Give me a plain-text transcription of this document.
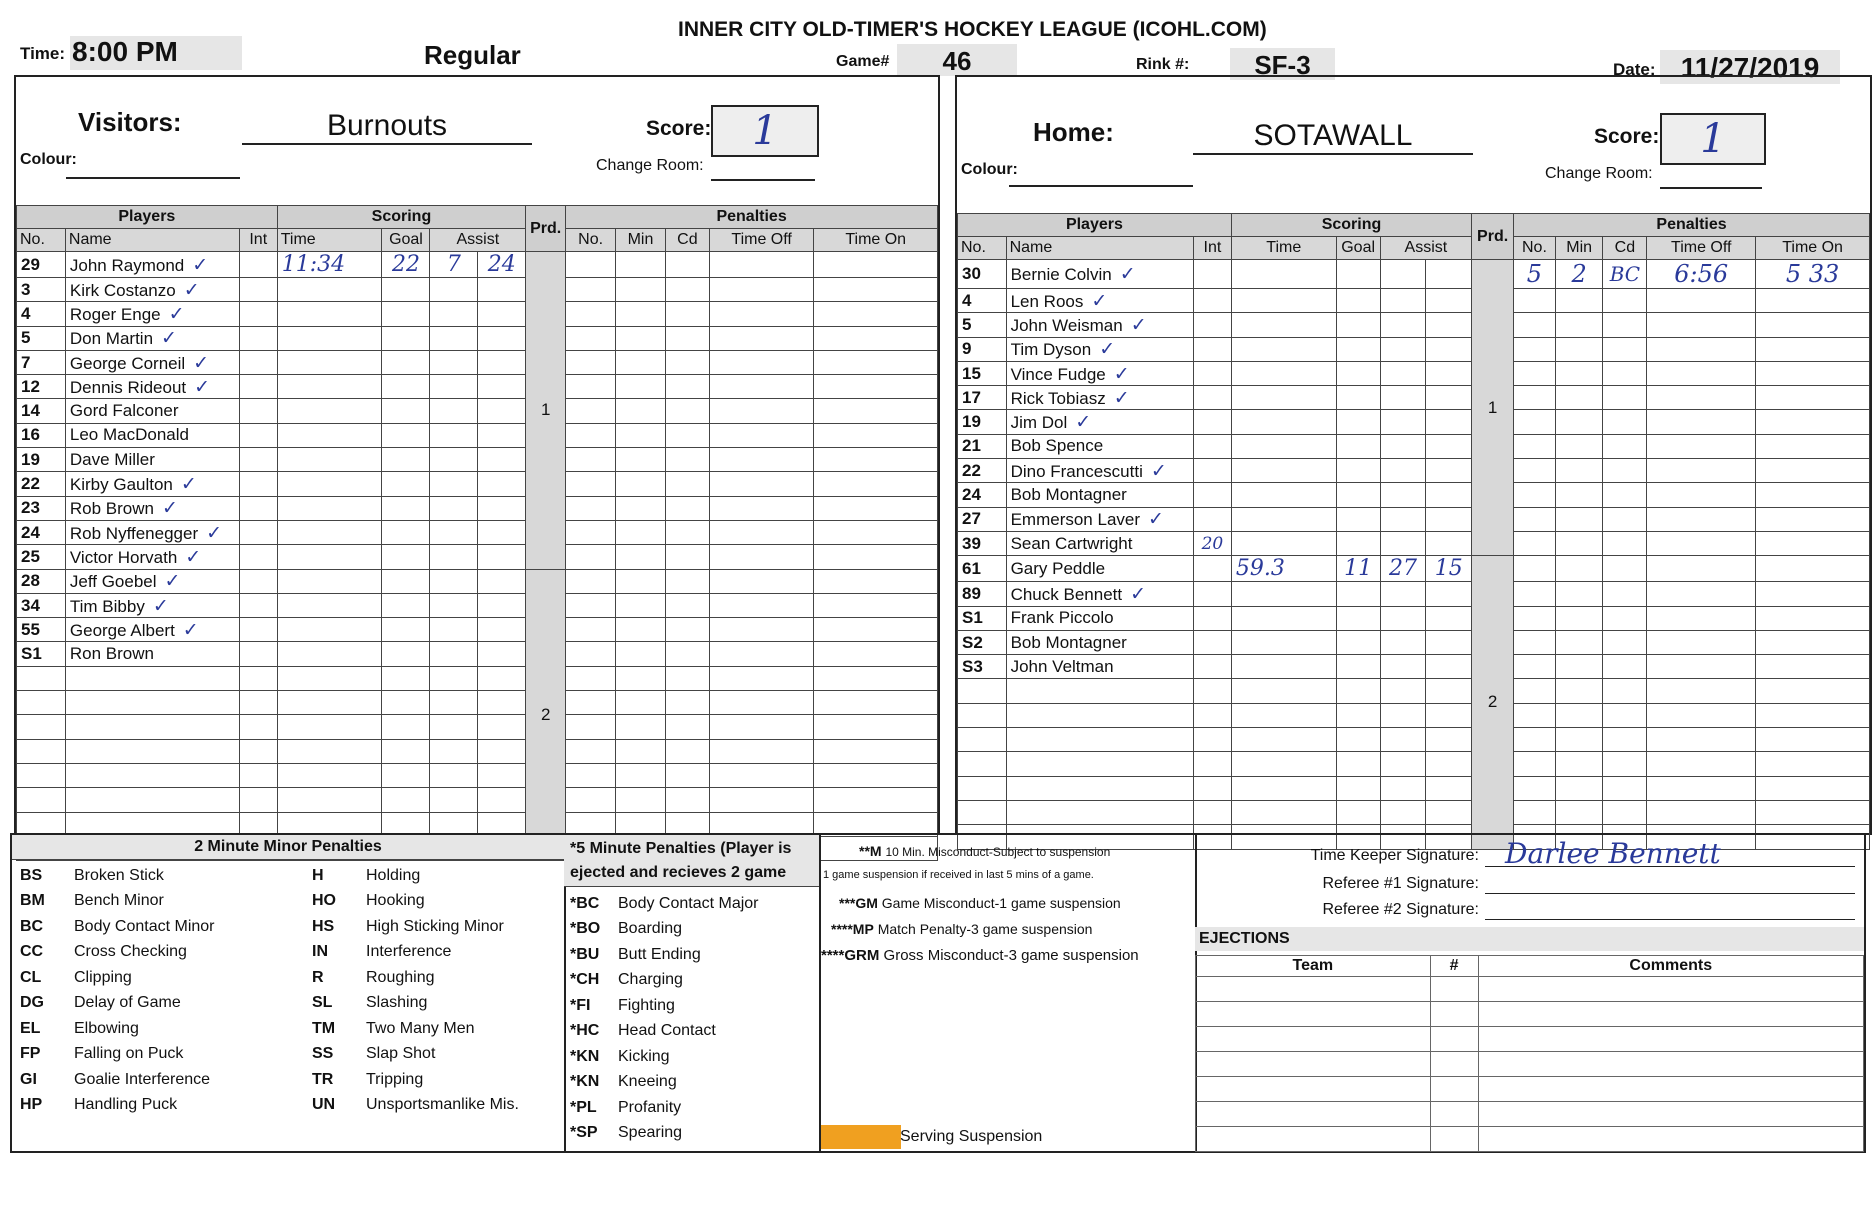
INNER CITY OLD-TIMER'S HOCKEY LEAGUE (ICOHL.COM)
Time: 8:00 PM	Regular	Game#	46	Rink #:	SF-3	Date: 11/27/2019
Visitors:	Burnouts	Score:	1
Colour:	Change Room:
Players			Scoring				Prd.	Penalties				
No.	Name	Int	Time	Goal	Assist			No.	Min	Cd	Time Off	Time On
29	John Raymond ✓		11:34	22	7	24	1					
3	Kirk Costanzo ✓											
4	Roger Enge ✓											
5	Don Martin ✓											
7	George Corneil ✓											
12	Dennis Rideout ✓											
14	Gord Falconer											
16	Leo MacDonald											
19	Dave Miller											
22	Kirby Gaulton ✓											
23	Rob Brown ✓											
24	Rob Nyffenegger ✓											
25	Victor Horvath ✓											
28	Jeff Goebel ✓						2					
34	Tim Bibby ✓											
55	George Albert ✓											
S1	Ron Brown											

Home:	SOTAWALL	Score:	1
Colour:	Change Room:
Players			Scoring				Prd.	Penalties				
No.	Name	Int	Time	Goal	Assist			No.	Min	Cd	Time Off	Time On
30	Bernie Colvin ✓						1	5	2	BC	6:56	5 33
4	Len Roos ✓											
5	John Weisman ✓											
9	Tim Dyson ✓											
15	Vince Fudge ✓											
17	Rick Tobiasz ✓											
19	Jim Dol ✓											
21	Bob Spence											
22	Dino Francescutti ✓											
24	Bob Montagner											
27	Emmerson Laver ✓											
39	Sean Cartwright	20										
61	Gary Peddle		59.3	11	27	15	2					
89	Chuck Bennett ✓											
S1	Frank Piccolo											
S2	Bob Montagner											
S3	John Veltman											

2 Minute Minor Penalties
BS	Broken Stick
BM	Bench Minor
BC	Body Contact Minor
CC	Cross Checking
CL	Clipping
DG	Delay of Game
EL	Elbowing
FP	Falling on Puck
GI	Goalie Interference
HP	Handling Puck
H	Holding
HO	Hooking
HS	High Sticking Minor
IN	Interference
R	Roughing
SL	Slashing
TM	Two Many Men
SS	Slap Shot
TR	Tripping
UN	Unsportsmanlike Mis.
*5 Minute Penalties (Player is ejected and recieves 2 game
*BC	Body Contact Major
*BO	Boarding
*BU	Butt Ending
*CH	Charging
*FI	Fighting
*HC	Head Contact
*KN	Kicking
*KN	Kneeing
*PL	Profanity
*SP	Spearing
**M 10 Min. Misconduct-Subject to suspension
1 game suspension if received in last 5 mins of a game.
***GM Game Misconduct-1 game suspension
****MP Match Penalty-3 game suspension
****GRM Gross Misconduct-3 game suspension
Serving Suspension
Time Keeper Signature: Darlee Bennett
Referee #1 Signature:
Referee #2 Signature:
EJECTIONS
Team	#	Comments
